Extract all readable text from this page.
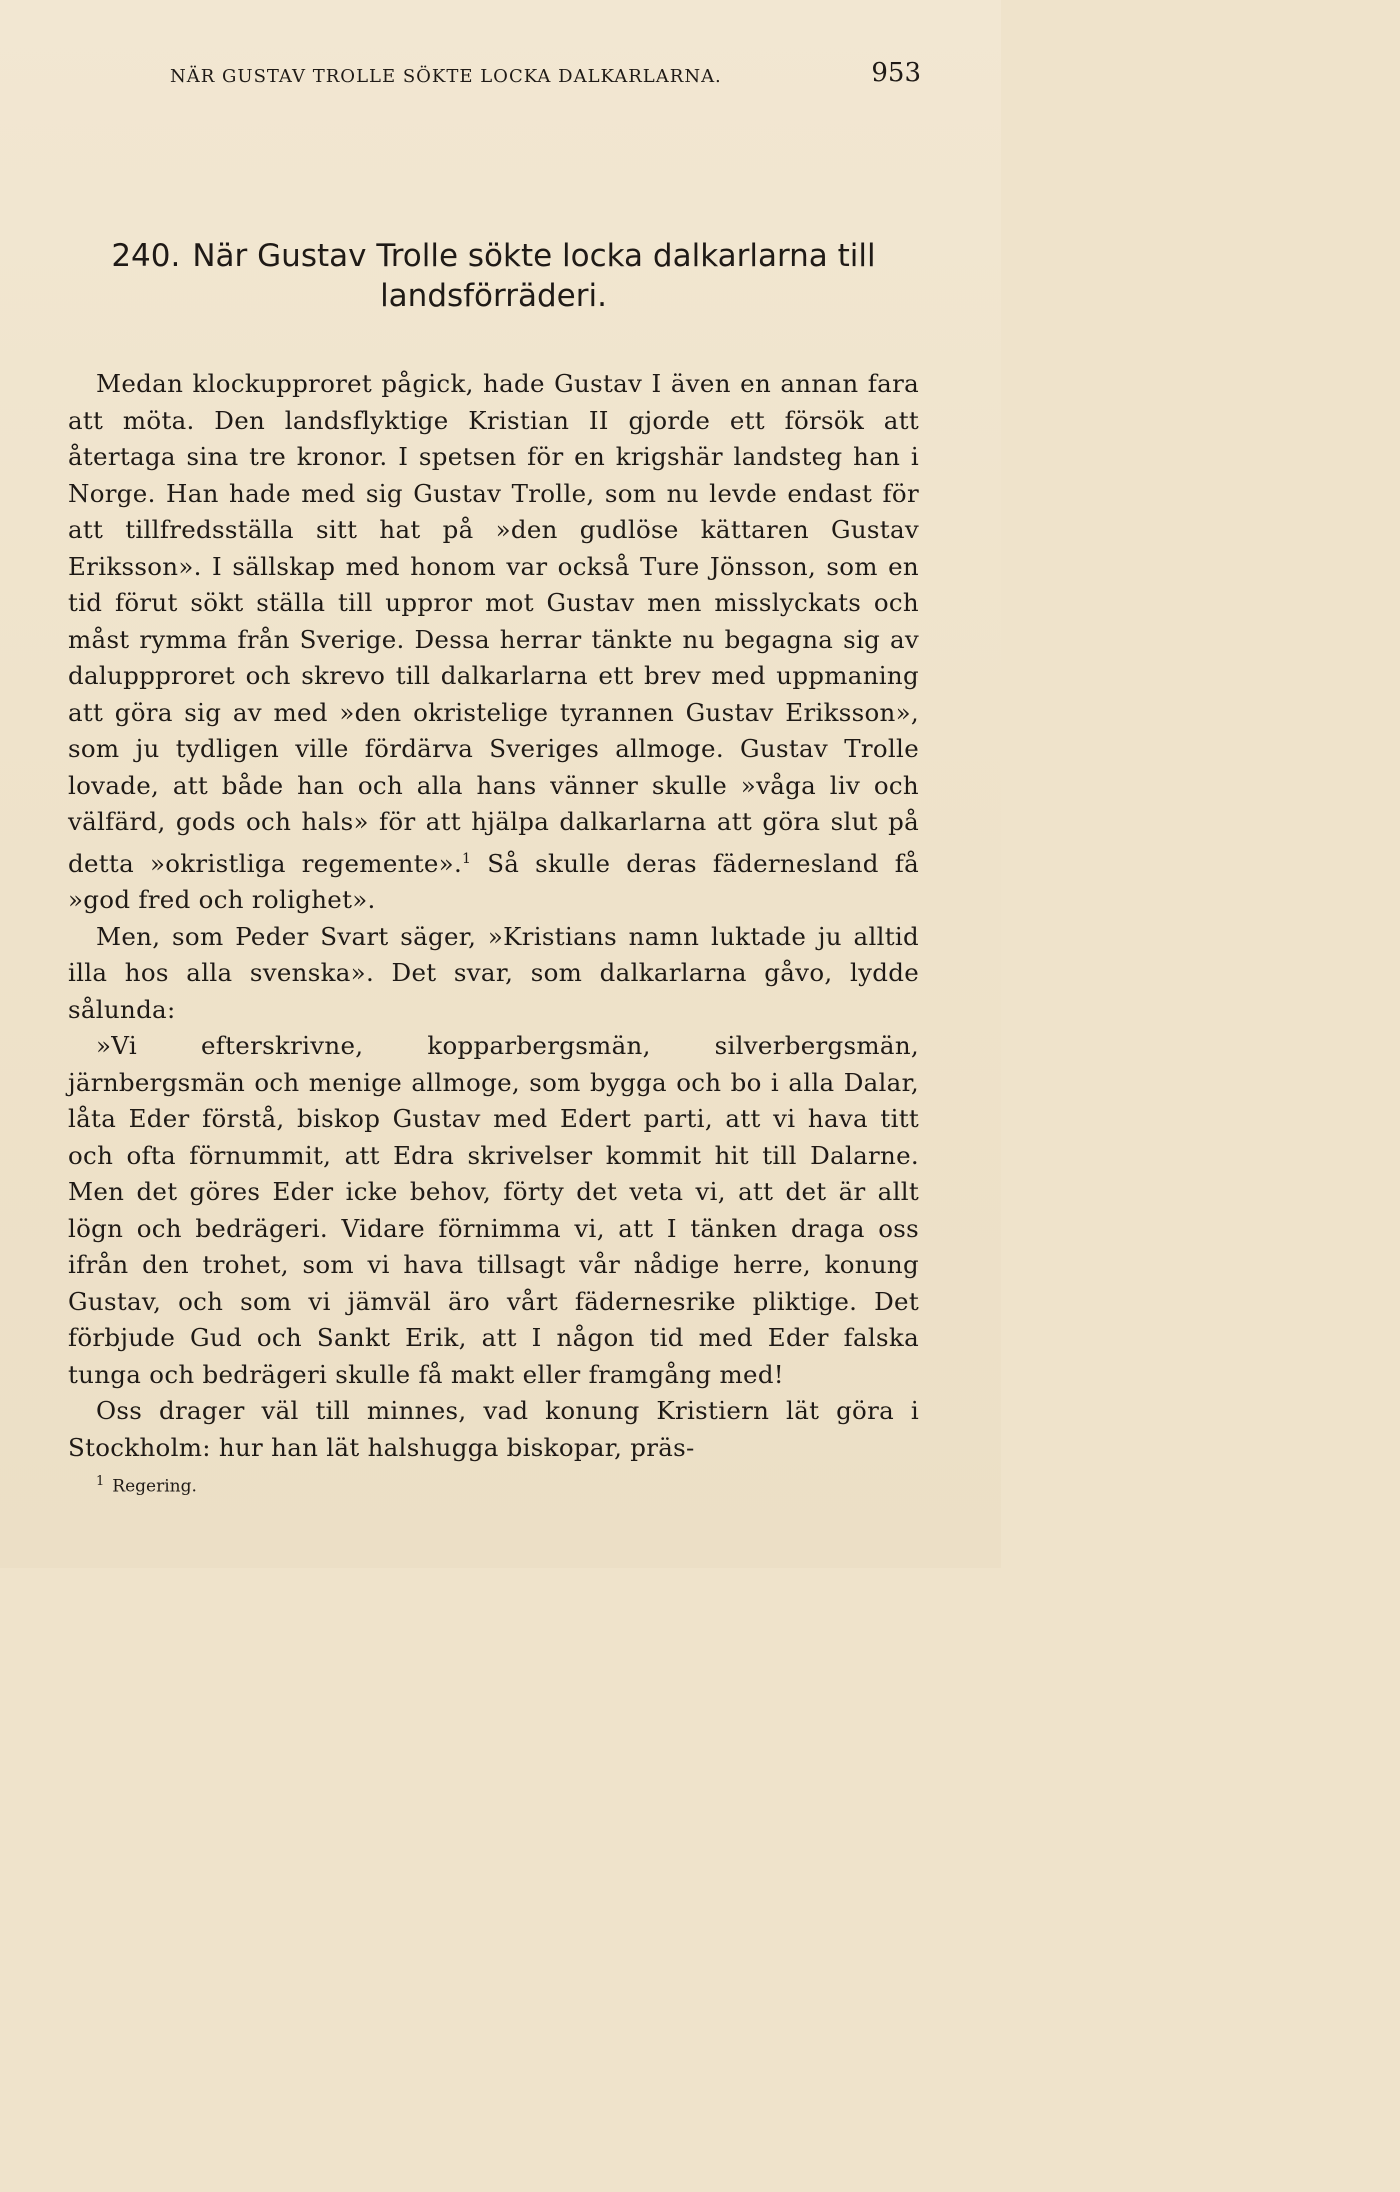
NÄR GUSTAV TROLLE SÖKTE LOCKA DALKARLARNA.	953
240. När Gustav Trolle sökte locka dalkarlarna till landsförräderi.

Medan klockupproret pågick, hade Gustav I även en annan fara att möta. Den landsflyktige Kristian II gjorde ett försök att återtaga sina tre kronor. I spetsen för en krigshär landsteg han i Norge. Han hade med sig Gustav Trolle, som nu levde endast för att tillfredsställa sitt hat på »den gudlöse kättaren Gustav Eriksson». I sällskap med honom var också Ture Jönsson, som en tid förut sökt ställa till uppror mot Gustav men misslyckats och måst rymma från Sverige. Dessa herrar tänkte nu begagna sig av daluppproret och skrevo till dalkarlarna ett brev med uppmaning att göra sig av med »den okristelige tyrannen Gustav Eriksson», som ju tydligen ville fördärva Sveriges allmoge. Gustav Trolle lovade, att både han och alla hans vänner skulle »våga liv och välfärd, gods och hals» för att hjälpa dalkarlarna att göra slut på detta »okristliga regemente».$^1$ Så skulle deras fädernesland få »god fred och rolighet».

Men, som Peder Svart säger, »Kristians namn luktade ju alltid illa hos alla svenska». Det svar, som dalkarlarna gåvo, lydde sålunda:

»Vi efterskrivne, kopparbergsmän, silverbergsmän, järnbergsmän och menige allmoge, som bygga och bo i alla Dalar, låta Eder förstå, biskop Gustav med Edert parti, att vi hava titt och ofta förnummit, att Edra skrivelser kommit hit till Dalarne. Men det göres Eder icke behov, förty det veta vi, att det är allt lögn och bedrägeri. Vidare förnimma vi, att I tänken draga oss ifrån den trohet, som vi hava tillsagt vår nådige herre, konung Gustav, och som vi jämväl äro vårt fädernesrike pliktige. Det förbjude Gud och Sankt Erik, att I någon tid med Eder falska tunga och bedrägeri skulle få makt eller framgång med!

Oss drager väl till minnes, vad konung Kristiern lät göra i Stockholm: hur han lät halshugga biskopar, präs-

$^1$ Regering.
